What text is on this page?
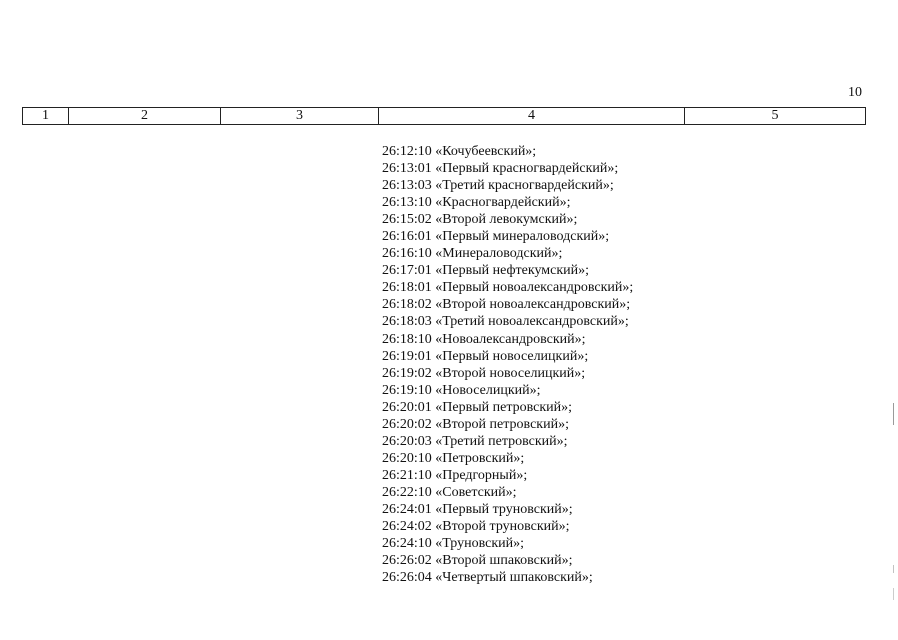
10
1	2	3	4	5
26:12:10 «Кочубеевский»;
26:13:01 «Первый красногвардейский»;
26:13:03 «Третий красногвардейский»;
26:13:10 «Красногвардейский»;
26:15:02 «Второй левокумский»;
26:16:01 «Первый минераловодский»;
26:16:10 «Минераловодский»;
26:17:01 «Первый нефтекумский»;
26:18:01 «Первый новоалександровский»;
26:18:02 «Второй новоалександровский»;
26:18:03 «Третий новоалександровский»;
26:18:10 «Новоалександровский»;
26:19:01 «Первый новоселицкий»;
26:19:02 «Второй новоселицкий»;
26:19:10 «Новоселицкий»;
26:20:01 «Первый петровский»;
26:20:02 «Второй петровский»;
26:20:03 «Третий петровский»;
26:20:10 «Петровский»;
26:21:10 «Предгорный»;
26:22:10 «Советский»;
26:24:01 «Первый труновский»;
26:24:02 «Второй труновский»;
26:24:10 «Труновский»;
26:26:02 «Второй шпаковский»;
26:26:04 «Четвертый шпаковский»;
